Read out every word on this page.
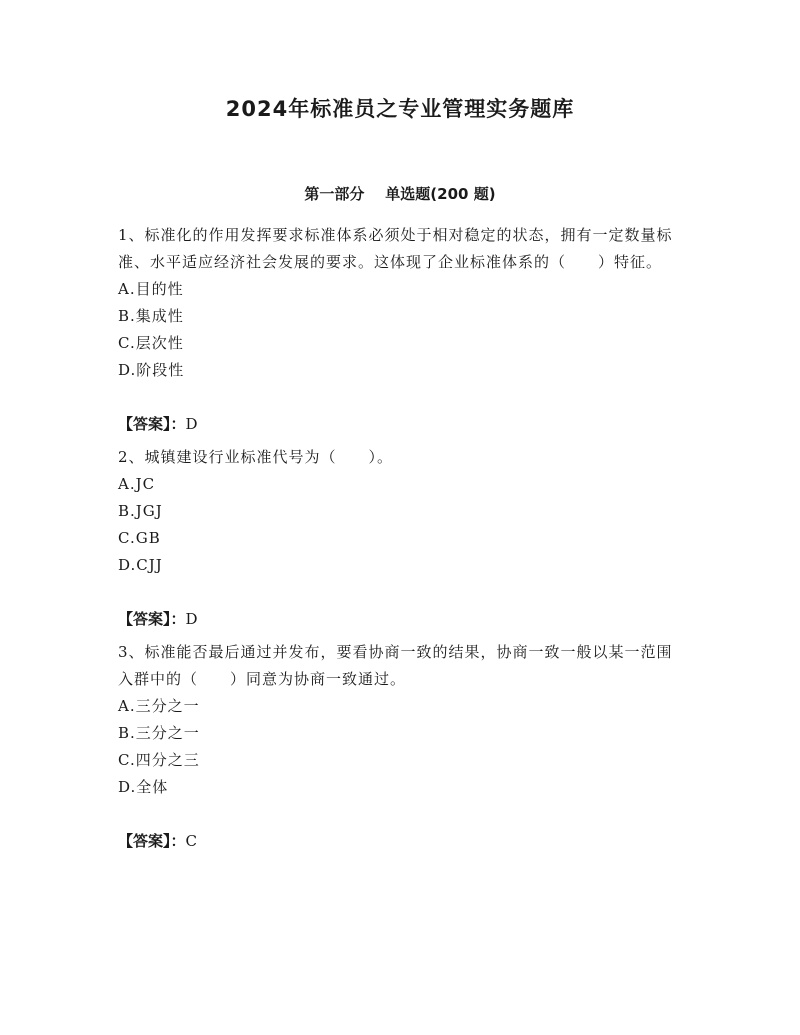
2024年标准员之专业管理实务题库
第一部分    单选题(200 题)

1、标准化的作用发挥要求标准体系必须处于相对稳定的状态，拥有一定数量标准、水平适应经济社会发展的要求。这体现了企业标准体系的（　　）特征。

A.目的性
B.集成性
C.层次性
D.阶段性
【答案】：D

2、城镇建设行业标准代号为（　　）。

A.JC
B.JGJ
C.GB
D.CJJ
【答案】：D

3、标准能否最后通过并发布，要看协商一致的结果，协商一致一般以某一范围入群中的（　　）同意为协商一致通过。

A.三分之一
B.三分之一
C.四分之三
D.全体
【答案】：C
